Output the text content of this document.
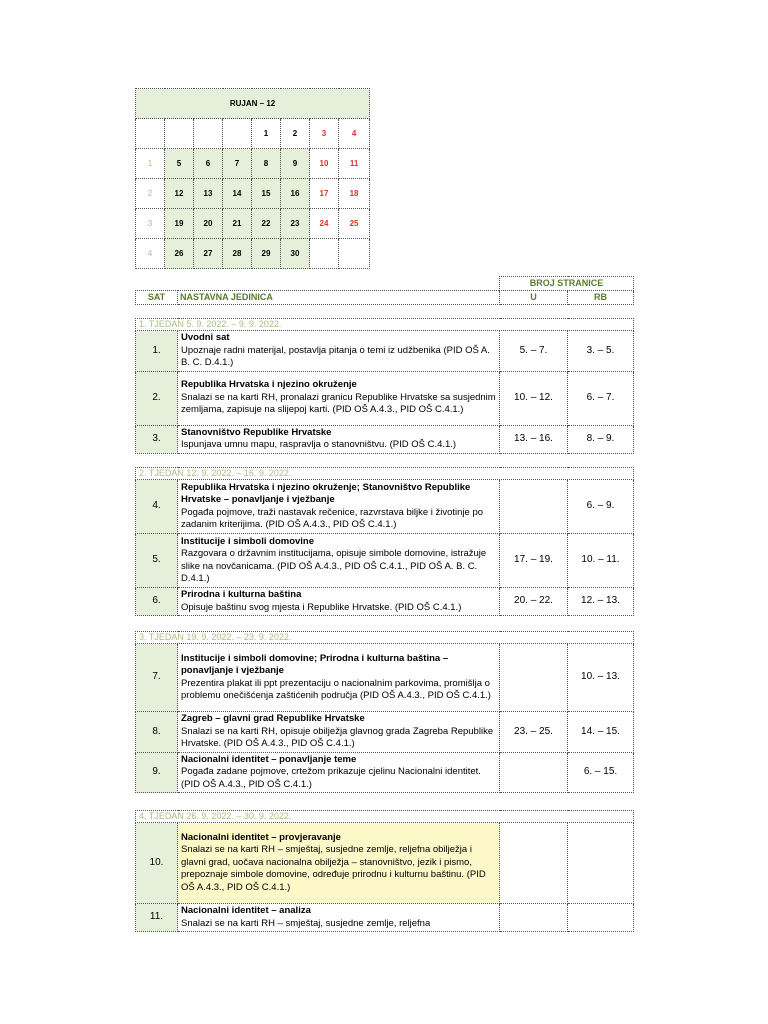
RUJAN – 12							
				1	2	3	4
1	5	6	7	8	9	10	11
2	12	13	14	15	16	17	18
3	19	20	21	22	23	24	25
4	26	27	28	29	30		
		BROJ STRANICE	
SAT	NASTAVNA JEDINICA	U	RB
1. TJEDAN 5. 9. 2022. – 9. 9. 2022.			
1.	Uvodni sat
Upoznaje radni materijal, postavlja pitanja o temi iz udžbenika (PID OŠ A. B. C. D.4.1.)	5. – 7.	3. – 5.
2.	Republika Hrvatska i njezino okruženje
Snalazi se na karti RH, pronalazi granicu Republike Hrvatske sa susjednim zemljama, zapisuje na slijepoj karti. (PID OŠ A.4.3., PID OŠ C.4.1.)	10. – 12.	6. – 7.
3.	Stanovništvo Republike Hrvatske
Ispunjava umnu mapu, raspravlja o stanovništvu. (PID OŠ C.4.1.)	13. – 16.	8. – 9.
2. TJEDAN 12. 9. 2022. – 16. 9. 2022.			
4.	Republika Hrvatska i njezino okruženje; Stanovništvo Republike Hrvatske – ponavljanje i vježbanje
Pogađa pojmove, traži nastavak rečenice, razvrstava biljke i životinje po zadanim kriterijima. (PID OŠ A.4.3., PID OŠ C.4.1.)		6. – 9.
5.	Institucije i simboli domovine
Razgovara o državnim institucijama, opisuje simbole domovine, istražuje slike na novčanicama. (PID OŠ A.4.3., PID OŠ C.4.1., PID OŠ A. B. C. D.4.1.)	17. – 19.	10. – 11.
6.	Prirodna i kulturna baština
Opisuje baštinu svog mjesta i Republike Hrvatske. (PID OŠ C.4.1.)	20. – 22.	12. – 13.
3. TJEDAN 19. 9. 2022. – 23. 9. 2022.			
7.	Institucije i simboli domovine; Prirodna i kulturna baština – ponavljanje i vježbanje
Prezentira plakat ili ppt prezentaciju o nacionalnim parkovima, promišlja o problemu onečišćenja zaštićenih područja (PID OŠ A.4.3., PID OŠ C.4.1.)		10. – 13.
8.	Zagreb – glavni grad Republike Hrvatske
Snalazi se na karti RH, opisuje obilježja glavnog grada Zagreba Republike Hrvatske. (PID OŠ A.4.3., PID OŠ C.4.1.)	23. – 25.	14. – 15.
9.	Nacionalni identitet – ponavljanje teme
Pogađa zadane pojmove, crtežom prikazuje cjelinu Nacionalni identitet. (PID OŠ A.4.3., PID OŠ C.4.1.)		6. – 15.
4. TJEDAN 26. 9. 2022. – 30. 9. 2022.			
10.	Nacionalni identitet – provjeravanje
Snalazi se na karti RH – smještaj, susjedne zemlje, reljefna obilježja i glavni grad, uočava nacionalna obilježja – stanovništvo, jezik i pismo, prepoznaje simbole domovine, određuje prirodnu i kulturnu baštinu. (PID OŠ A.4.3., PID OŠ C.4.1.)		

11.	Nacionalni identitet – analiza
Snalazi se na karti RH – smještaj, susjedne zemlje, reljefna		
